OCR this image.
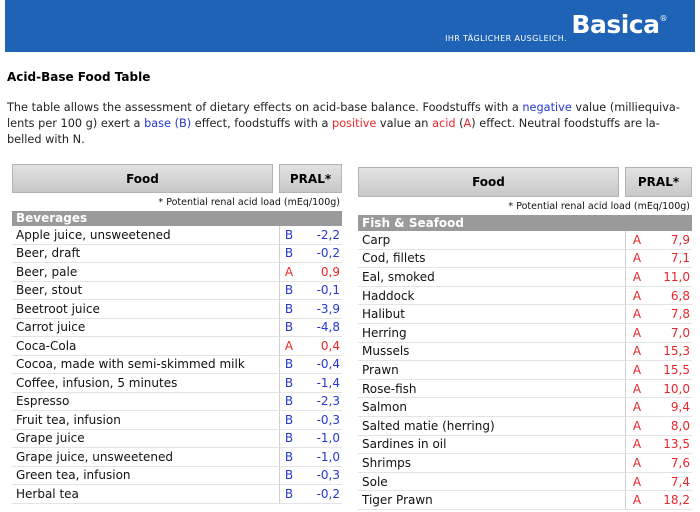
IHR TÄGLICHER AUSGLEICH. Basica®
Acid-Base Food Table

The table allows the assessment of dietary effects on acid-base balance. Foodstuffs with a negative value (milliequiva-lents per 100 g) exert a base (B) effect, foodstuffs with a positive value an acid (A) effect. Neutral foodstuffs are la-belled with N.

Food	PRAL*
* Potential renal acid load (mEq/100g)
Beverages
Apple juice, unsweetened	B	-2,2
Beer, draft	B	-0,2
Beer, pale	A	0,9
Beer, stout	B	-0,1
Beetroot juice	B	-3,9
Carrot juice	B	-4,8
Coca-Cola	A	0,4
Cocoa, made with semi-skimmed milk	B	-0,4
Coffee, infusion, 5 minutes	B	-1,4
Espresso	B	-2,3
Fruit tea, infusion	B	-0,3
Grape juice	B	-1,0
Grape juice, unsweetened	B	-1,0
Green tea, infusion	B	-0,3
Herbal tea	B	-0,2
Food	PRAL*
* Potential renal acid load (mEq/100g)
Fish & Seafood
Carp	A	7,9
Cod, fillets	A	7,1
Eal, smoked	A	11,0
Haddock	A	6,8
Halibut	A	7,8
Herring	A	7,0
Mussels	A	15,3
Prawn	A	15,5
Rose-fish	A	10,0
Salmon	A	9,4
Salted matie (herring)	A	8,0
Sardines in oil	A	13,5
Shrimps	A	7,6
Sole	A	7,4
Tiger Prawn	A	18,2
